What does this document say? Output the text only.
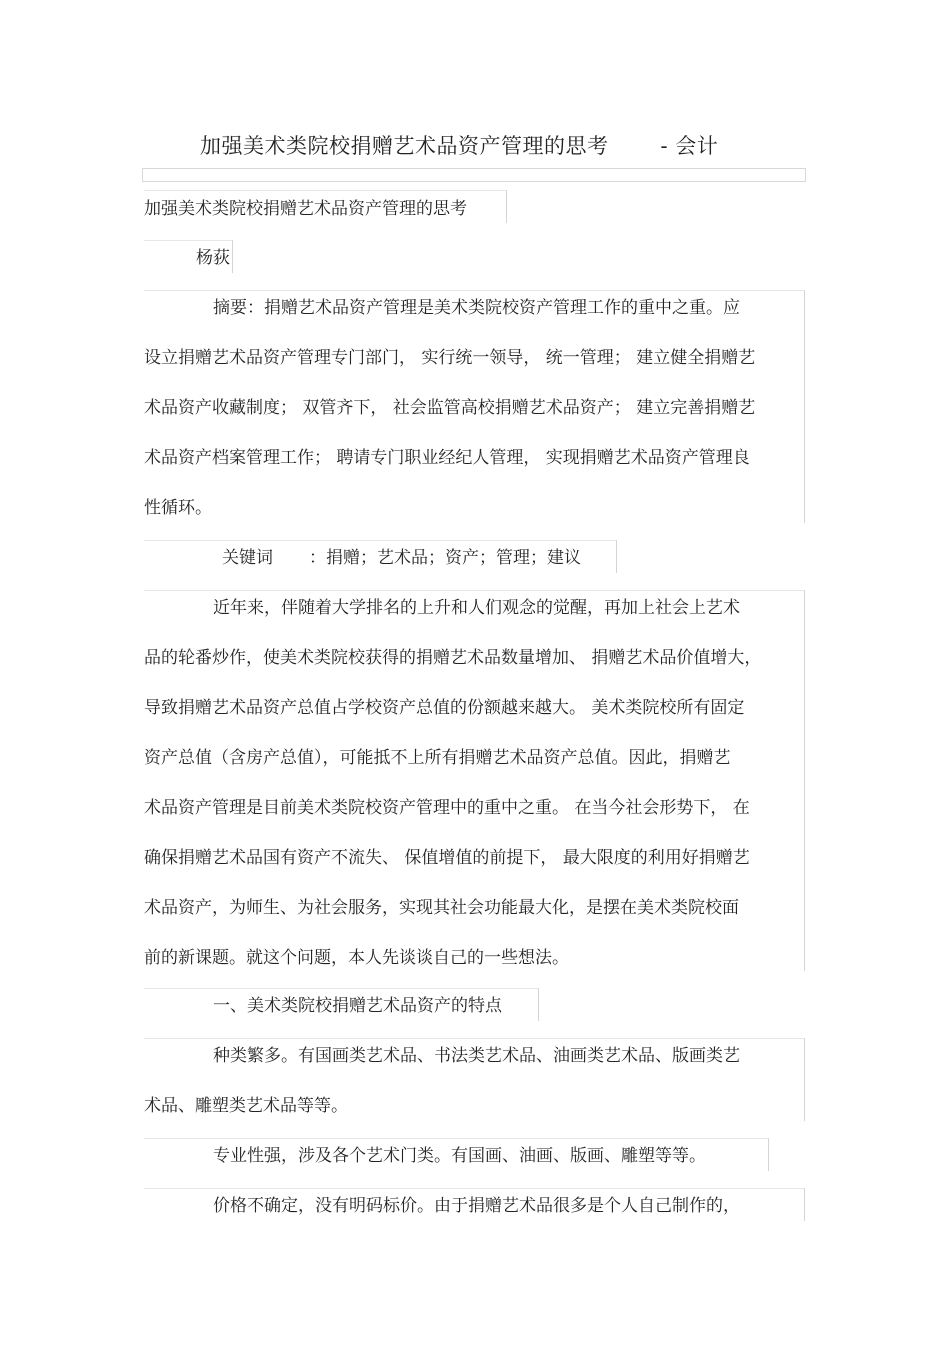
加强美术类院校捐赠艺术品资产管理的思考 - 会计
加强美术类院校捐赠艺术品资产管理的思考
杨荻
摘要：捐赠艺术品资产管理是美术类院校资产管理工作的重中之重。应
设立捐赠艺术品资产管理专门部门， 实行统一领导， 统一管理； 建立健全捐赠艺
术品资产收藏制度； 双管齐下， 社会监管高校捐赠艺术品资产； 建立完善捐赠艺
术品资产档案管理工作； 聘请专门职业经纪人管理， 实现捐赠艺术品资产管理良
性循环。
关键词 ：捐赠；艺术品；资产；管理；建议
近年来，伴随着大学排名的上升和人们观念的觉醒，再加上社会上艺术
品的轮番炒作，使美术类院校获得的捐赠艺术品数量增加、 捐赠艺术品价值增大，
导致捐赠艺术品资产总值占学校资产总值的份额越来越大。 美术类院校所有固定
资产总值（含房产总值），可能抵不上所有捐赠艺术品资产总值。因此，捐赠艺
术品资产管理是目前美术类院校资产管理中的重中之重。 在当今社会形势下， 在
确保捐赠艺术品国有资产不流失、 保值增值的前提下， 最大限度的利用好捐赠艺
术品资产，为师生、为社会服务，实现其社会功能最大化，是摆在美术类院校面
前的新课题。就这个问题，本人先谈谈自己的一些想法。
一、美术类院校捐赠艺术品资产的特点
种类繁多。有国画类艺术品、书法类艺术品、油画类艺术品、版画类艺
术品、雕塑类艺术品等等。
专业性强，涉及各个艺术门类。有国画、油画、版画、雕塑等等。
价格不确定，没有明码标价。由于捐赠艺术品很多是个人自己制作的，
